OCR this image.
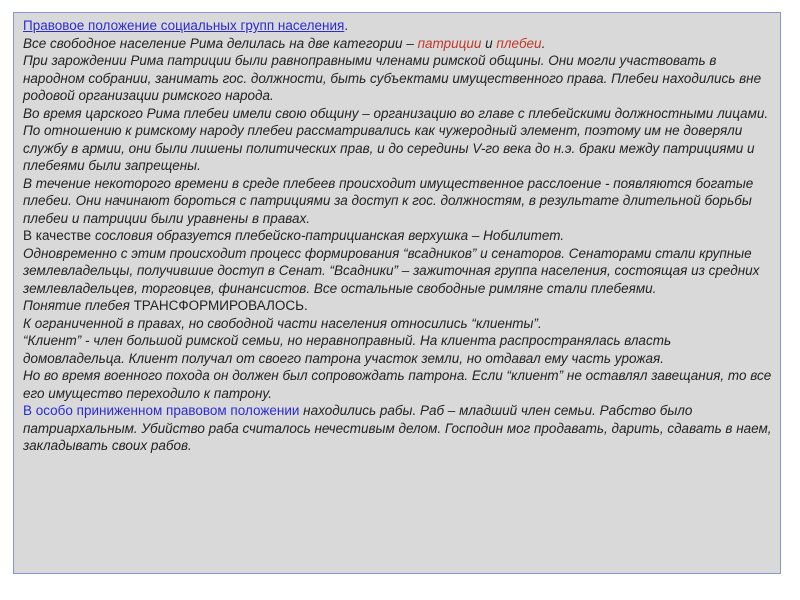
Правовое положение социальных групп населения.

Все свободное население Рима делилась на две категории – патриции и плебеи.

При зарождении Рима патриции были равноправными членами римской общины. Они могли участвовать в народном собрании, занимать гос. должности, быть субъектами имущественного права. Плебеи находились вне родовой организации римского народа.

Во время царского Рима плебеи имели свою общину – организацию во главе с плебейскими должностными лицами. По отношению к римскому народу плебеи рассматривались как чужеродный элемент, поэтому им не доверяли службу в армии, они были лишены политических прав, и до середины V-го века до н.э. браки между патрициями и плебеями были запрещены.

В течение некоторого времени в среде плебеев происходит имущественное расслоение - появляются богатые плебеи. Они начинают бороться с патрициями за доступ к гос. должностям, в результате длительной борьбы плебеи и патриции были уравнены в правах.

В качестве сословия образуется плебейско-патрицианская верхушка – Нобилитет.

Одновременно с этим происходит процесс формирования “всадников” и сенаторов. Сенаторами стали крупные землевладельцы, получившие доступ в Сенат. “Всадники” – зажиточная группа населения, состоящая из средних землевладельцев, торговцев, финансистов. Все остальные свободные римляне стали плебеями.

Понятие плебея ТРАНСФОРМИРОВАЛОСЬ.

К ограниченной в правах, но свободной части населения относились “клиенты”.

“Клиент” - член большой римской семьи, но неравноправный. На клиента распространялась власть домовладельца. Клиент получал от своего патрона участок земли, но отдавал ему часть урожая.

Но во время военного похода он должен был сопровождать патрона. Если “клиент” не оставлял завещания, то все его имущество переходило к патрону.

В особо приниженном правовом положении находились рабы. Раб – младший член семьи. Рабство было патриархальным. Убийство раба считалось нечестивым делом. Господин мог продавать, дарить, сдавать в наем, закладывать своих рабов.
